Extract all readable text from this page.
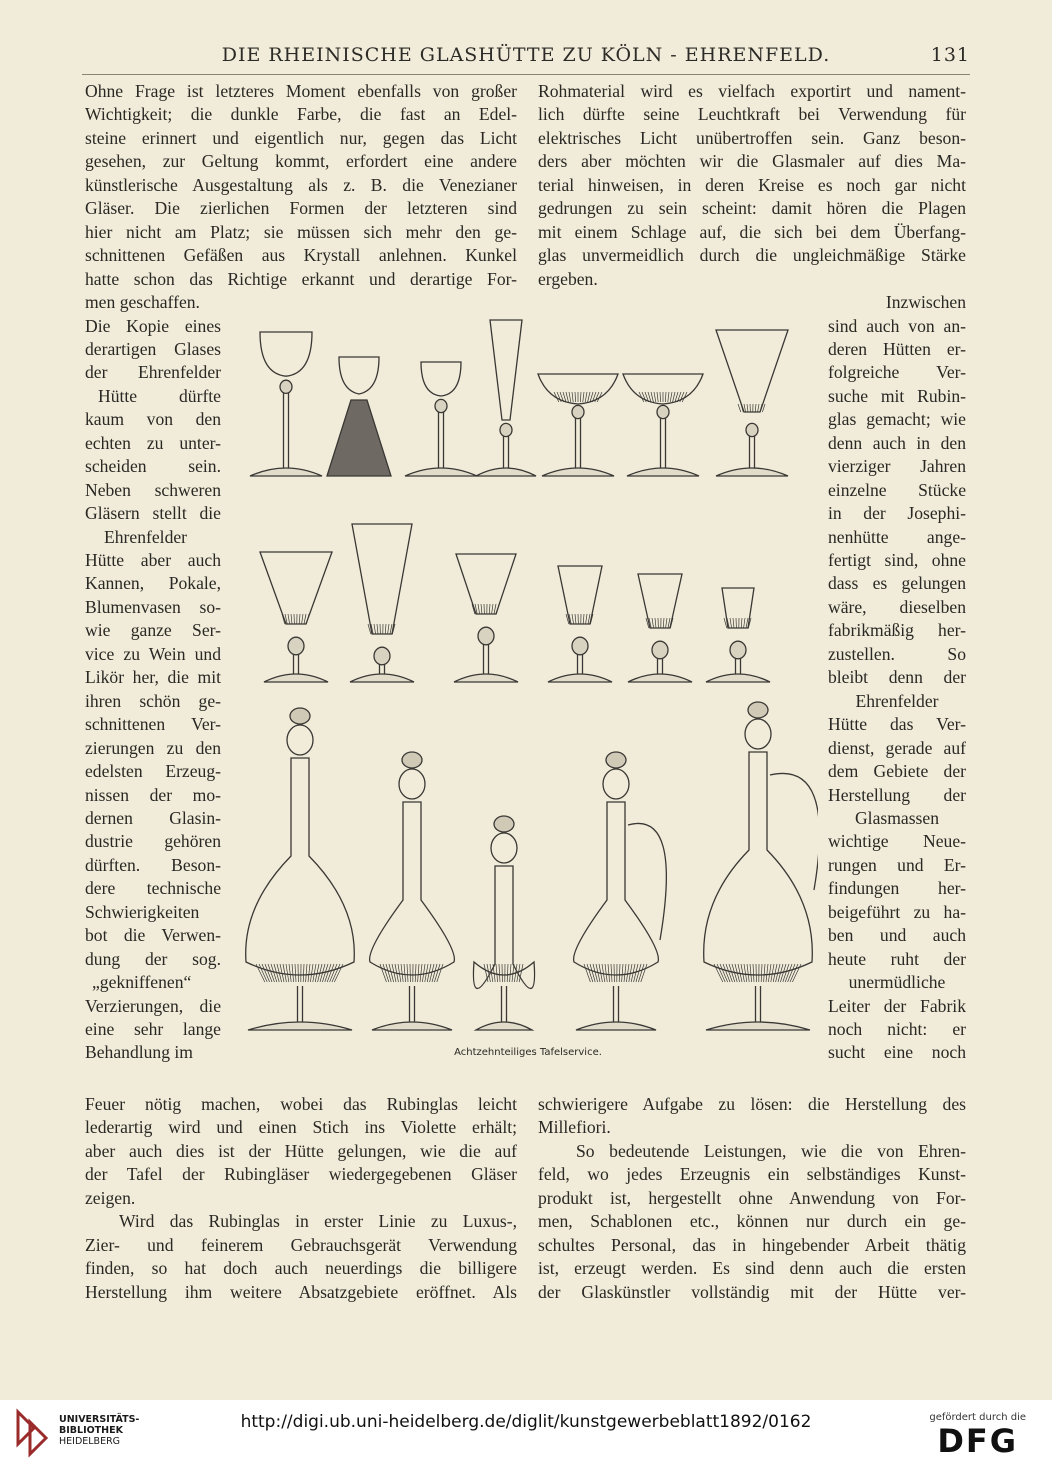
DIE RHEINISCHE GLASHÜTTE ZU KÖLN - EHRENFELD.	131
Ohne Frage ist letzteres Moment ebenfalls von großer
Wichtigkeit; die dunkle Farbe, die fast an Edel-
steine erinnert und eigentlich nur, gegen das Licht
gesehen, zur Geltung kommt, erfordert eine andere
künstlerische Ausgestaltung als z. B. die Venezianer
Gläser. Die zierlichen Formen der letzteren sind
hier nicht am Platz; sie müssen sich mehr den ge-
schnittenen Gefäßen aus Krystall anlehnen. Kunkel
hatte schon das Richtige erkannt und derartige For-
men geschaffen.
Die Kopie eines
derartigen Glases
der Ehrenfelder
Hütte dürfte
kaum von den
echten zu unter-
scheiden sein.
Neben schweren
Gläsern stellt die
Ehrenfelder
Hütte aber auch
Kannen, Pokale,
Blumenvasen so-
wie ganze Ser-
vice zu Wein und
Likör her, die mit
ihren schön ge-
schnittenen Ver-
zierungen zu den
edelsten Erzeug-
nissen der mo-
dernen Glasin-
dustrie gehören
dürften. Beson-
dere technische
Schwierigkeiten
bot die Verwen-
dung der sog.
„gekniffenen“
Verzierungen, die
eine sehr lange
Behandlung im
Rohmaterial wird es vielfach exportirt und nament-
lich dürfte seine Leuchtkraft bei Verwendung für
elektrisches Licht unübertroffen sein. Ganz beson-
ders aber möchten wir die Glasmaler auf dies Ma-
terial hinweisen, in deren Kreise es noch gar nicht
gedrungen zu sein scheint: damit hören die Plagen
mit einem Schlage auf, die sich bei dem Überfang-
glas unvermeidlich durch die ungleichmäßige Stärke
ergeben.
Inzwischen
sind auch von an-
deren Hütten er-
folgreiche Ver-
suche mit Rubin-
glas gemacht; wie
denn auch in den
vierziger Jahren
einzelne Stücke
in der Josephi-
nenhütte ange-
fertigt sind, ohne
dass es gelungen
wäre, dieselben
fabrikmäßig her-
zustellen. So
bleibt denn der
Ehrenfelder
Hütte das Ver-
dienst, gerade auf
dem Gebiete der
Herstellung der
Glasmassen
wichtige Neue-
rungen und Er-
findungen her-
beigeführt zu ha-
ben und auch
heute ruht der
unermüdliche
Leiter der Fabrik
noch nicht: er
sucht eine noch
Feuer nötig machen, wobei das Rubinglas leicht
lederartig wird und einen Stich ins Violette erhält;
aber auch dies ist der Hütte gelungen, wie die auf
der Tafel der Rubingläser wiedergegebenen Gläser
zeigen.
Wird das Rubinglas in erster Linie zu Luxus-,
Zier- und feinerem Gebrauchsgerät Verwendung
finden, so hat doch auch neuerdings die billigere
Herstellung ihm weitere Absatzgebiete eröffnet. Als
schwierigere Aufgabe zu lösen: die Herstellung des
Millefiori.
So bedeutende Leistungen, wie die von Ehren-
feld, wo jedes Erzeugnis ein selbständiges Kunst-
produkt ist, hergestellt ohne Anwendung von For-
men, Schablonen etc., können nur durch ein ge-
schultes Personal, das in hingebender Arbeit thätig
ist, erzeugt werden. Es sind denn auch die ersten
der Glaskünstler vollständig mit der Hütte ver-
Achtzehnteiliges Tafelservice.
UNIVERSITÄTS-
BIBLIOTHEK
HEIDELBERG
http://digi.ub.uni-heidelberg.de/diglit/kunstgewerbeblatt1892/0162	gefördert durch die
DFG
